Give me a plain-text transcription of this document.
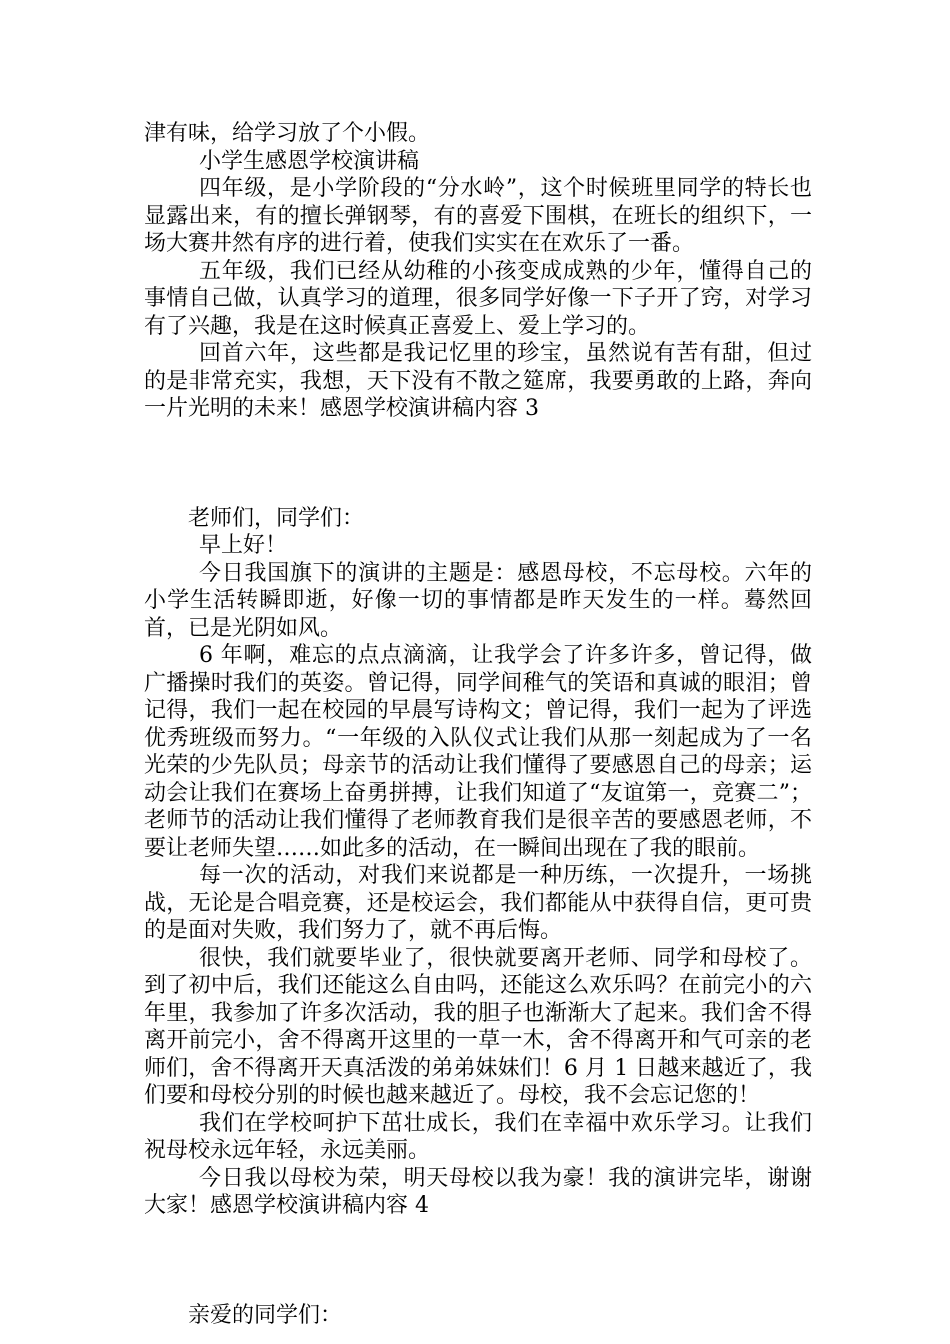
津有味，给学习放了个小假。

小学生感恩学校演讲稿

四年级，是小学阶段的“分水岭”，这个时候班里同学的特长也显露出来，有的擅长弹钢琴，有的喜爱下围棋，在班长的组织下，一场大赛井然有序的进行着，使我们实实在在欢乐了一番。

五年级，我们已经从幼稚的小孩变成成熟的少年，懂得自己的事情自己做，认真学习的道理，很多同学好像一下子开了窍，对学习有了兴趣，我是在这时候真正喜爱上、爱上学习的。

回首六年，这些都是我记忆里的珍宝，虽然说有苦有甜，但过的是非常充实，我想，天下没有不散之筵席，我要勇敢的上路，奔向一片光明的未来！感恩学校演讲稿内容 3

老师们，同学们：

早上好！

今日我国旗下的演讲的主题是：感恩母校，不忘母校。六年的小学生活转瞬即逝，好像一切的事情都是昨天发生的一样。蓦然回首，已是光阴如风。

6 年啊，难忘的点点滴滴，让我学会了许多许多，曾记得，做广播操时我们的英姿。曾记得，同学间稚气的笑语和真诚的眼泪；曾记得，我们一起在校园的早晨写诗构文；曾记得，我们一起为了评选优秀班级而努力。“一年级的入队仪式让我们从那一刻起成为了一名光荣的少先队员；母亲节的活动让我们懂得了要感恩自己的母亲；运动会让我们在赛场上奋勇拼搏，让我们知道了“友谊第一，竞赛二”；老师节的活动让我们懂得了老师教育我们是很辛苦的要感恩老师，不要让老师失望……如此多的活动，在一瞬间出现在了我的眼前。

每一次的活动，对我们来说都是一种历练，一次提升，一场挑战，无论是合唱竞赛，还是校运会，我们都能从中获得自信，更可贵的是面对失败，我们努力了，就不再后悔。

很快，我们就要毕业了，很快就要离开老师、同学和母校了。到了初中后，我们还能这么自由吗，还能这么欢乐吗？在前完小的六年里，我参加了许多次活动，我的胆子也渐渐大了起来。我们舍不得离开前完小，舍不得离开这里的一草一木，舍不得离开和气可亲的老师们，舍不得离开天真活泼的弟弟妹妹们！6 月 1 日越来越近了，我们要和母校分别的时候也越来越近了。母校，我不会忘记您的！

我们在学校呵护下茁壮成长，我们在幸福中欢乐学习。让我们祝母校永远年轻，永远美丽。

今日我以母校为荣，明天母校以我为豪！我的演讲完毕，谢谢大家！感恩学校演讲稿内容 4

亲爱的同学们：
